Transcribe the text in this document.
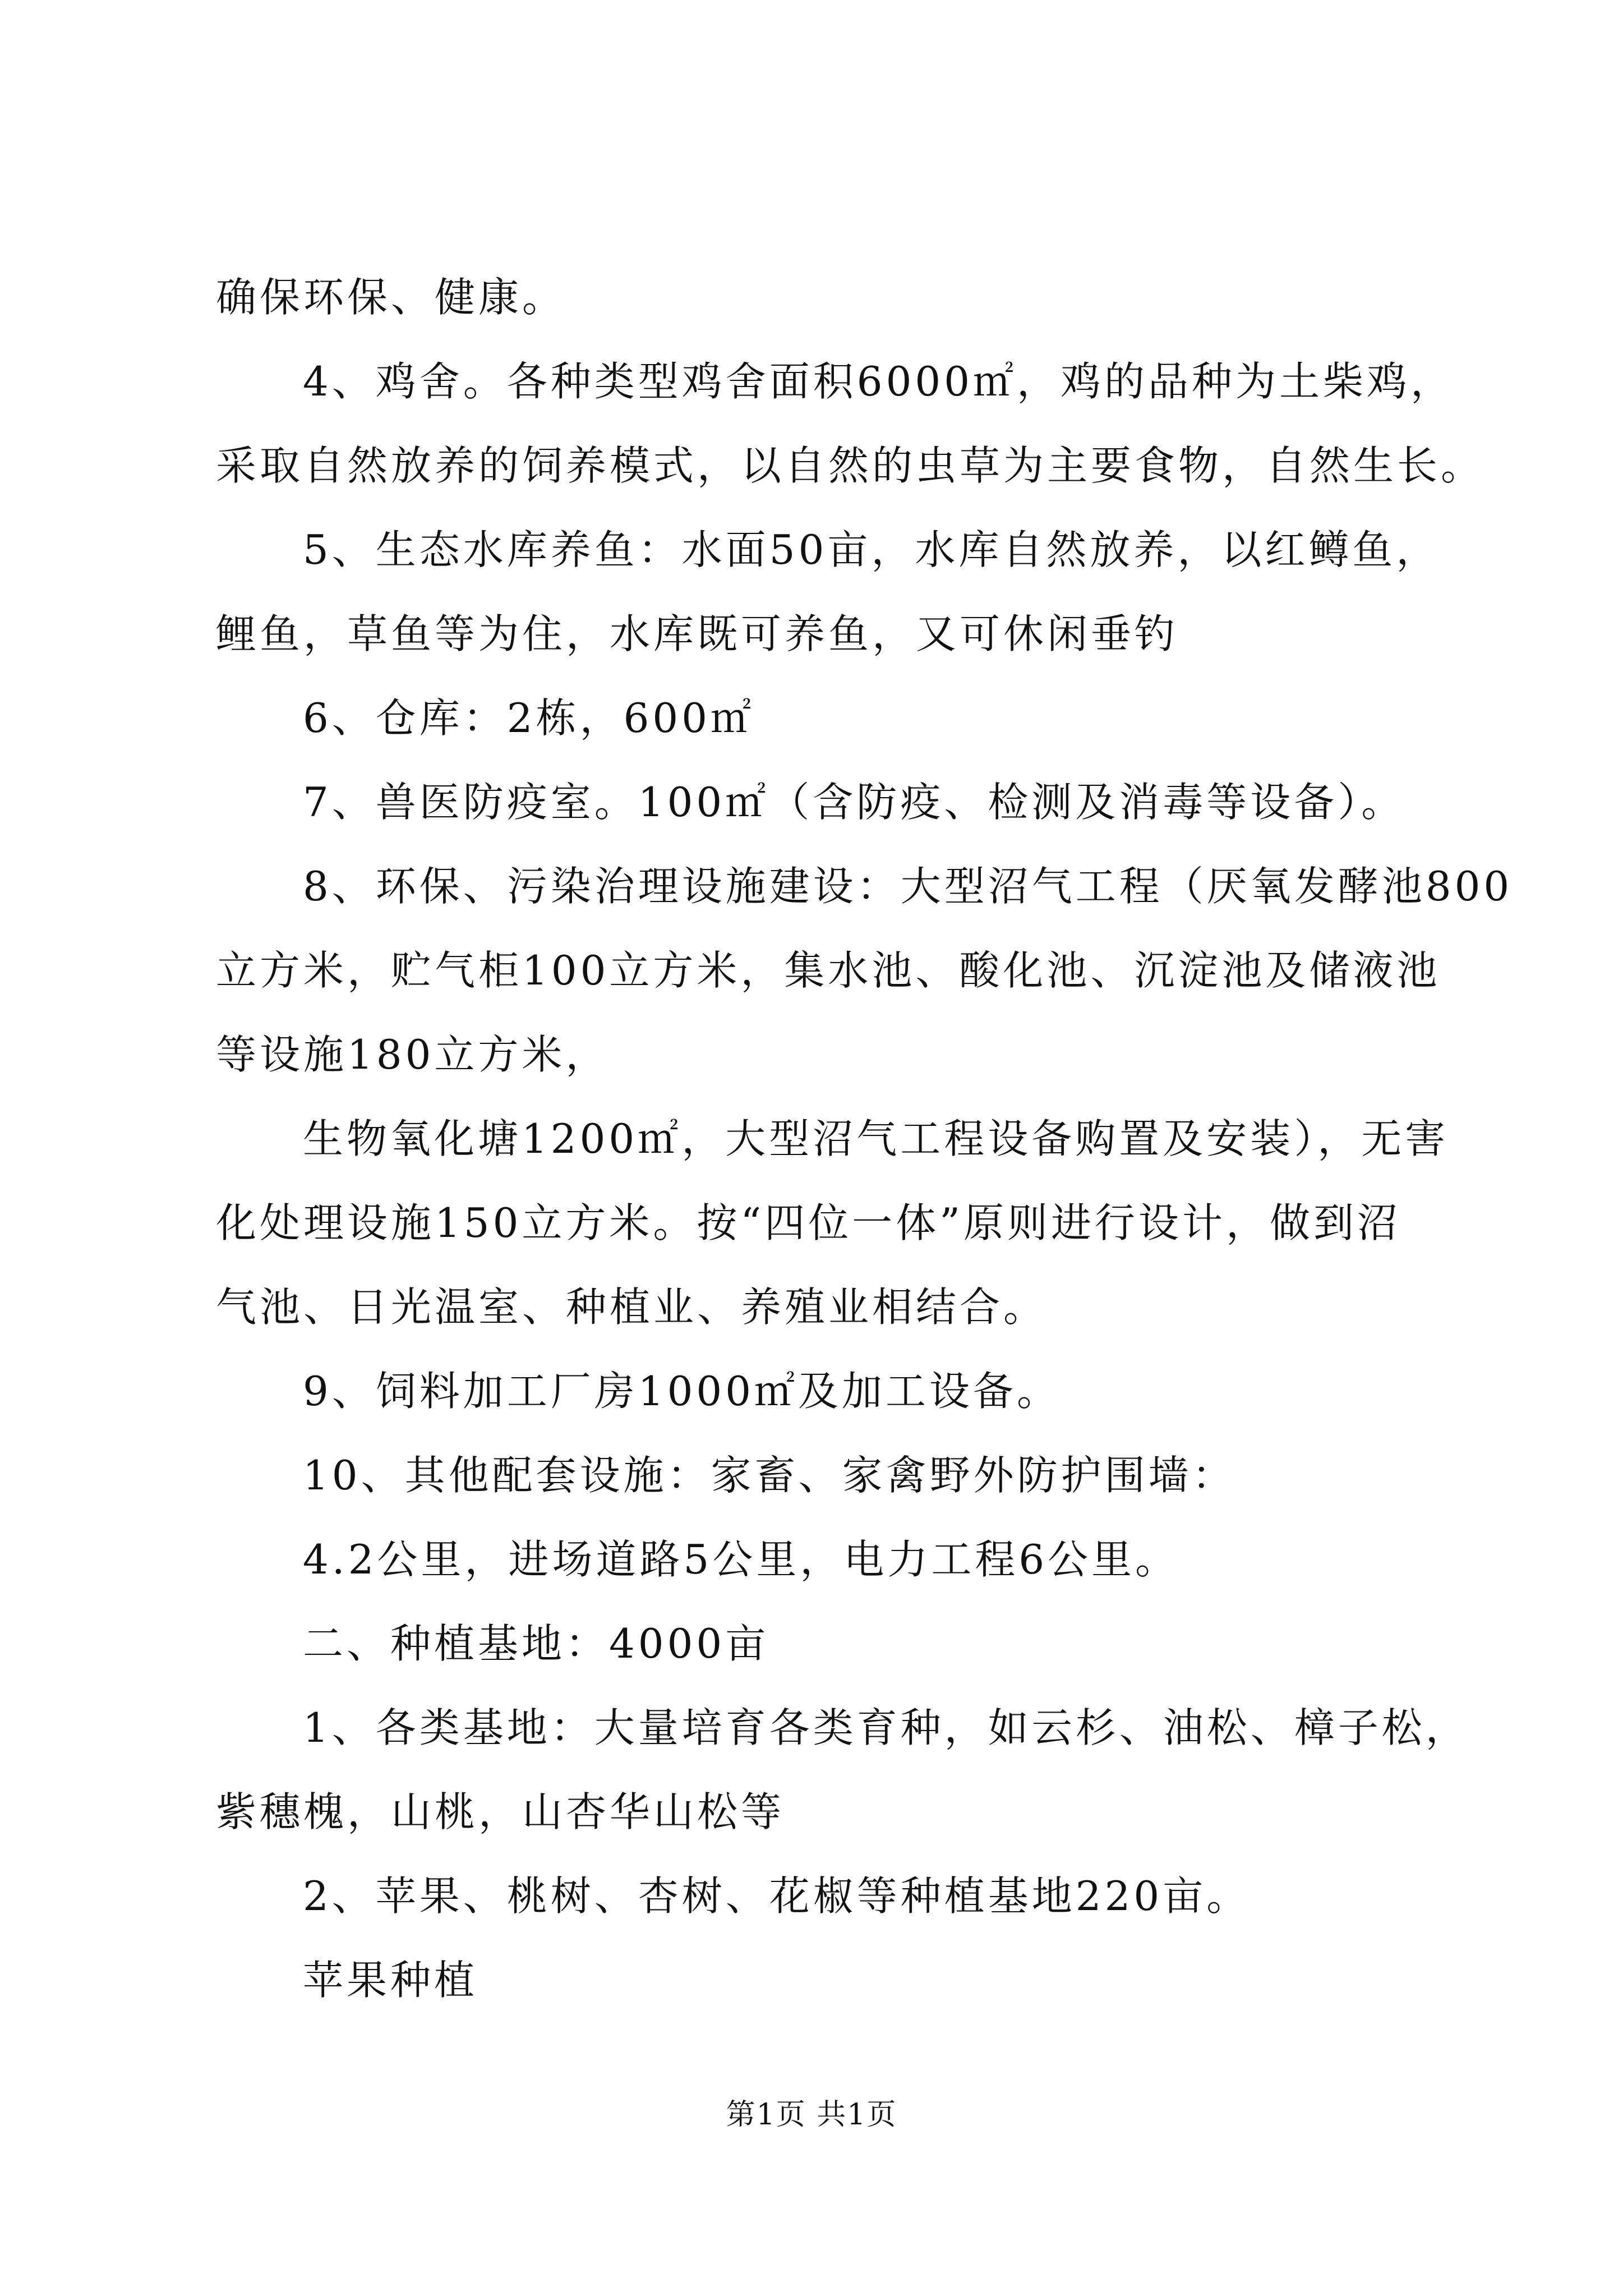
确保环保、健康。
4、鸡舍。各种类型鸡舍面积6000㎡，鸡的品种为土柴鸡，
采取自然放养的饲养模式，以自然的虫草为主要食物，自然生长。
5、生态水库养鱼：水面50亩，水库自然放养，以红鳟鱼，
鲤鱼，草鱼等为住，水库既可养鱼，又可休闲垂钓
6、仓库：2栋，600㎡
7、兽医防疫室。100㎡（含防疫、检测及消毒等设备）。
8、环保、污染治理设施建设：大型沼气工程（厌氧发酵池800
立方米，贮气柜100立方米，集水池、酸化池、沉淀池及储液池
等设施180立方米，
生物氧化塘1200㎡，大型沼气工程设备购置及安装），无害
化处理设施150立方米。按“四位一体”原则进行设计，做到沼
气池、日光温室、种植业、养殖业相结合。
9、饲料加工厂房1000㎡及加工设备。
10、其他配套设施：家畜、家禽野外防护围墙：
4.2公里，进场道路5公里，电力工程6公里。
二、种植基地：4000亩
1、各类基地：大量培育各类育种，如云杉、油松、樟子松，
紫穗槐，山桃，山杏华山松等
2、苹果、桃树、杏树、花椒等种植基地220亩。
苹果种植
第1页 共1页
